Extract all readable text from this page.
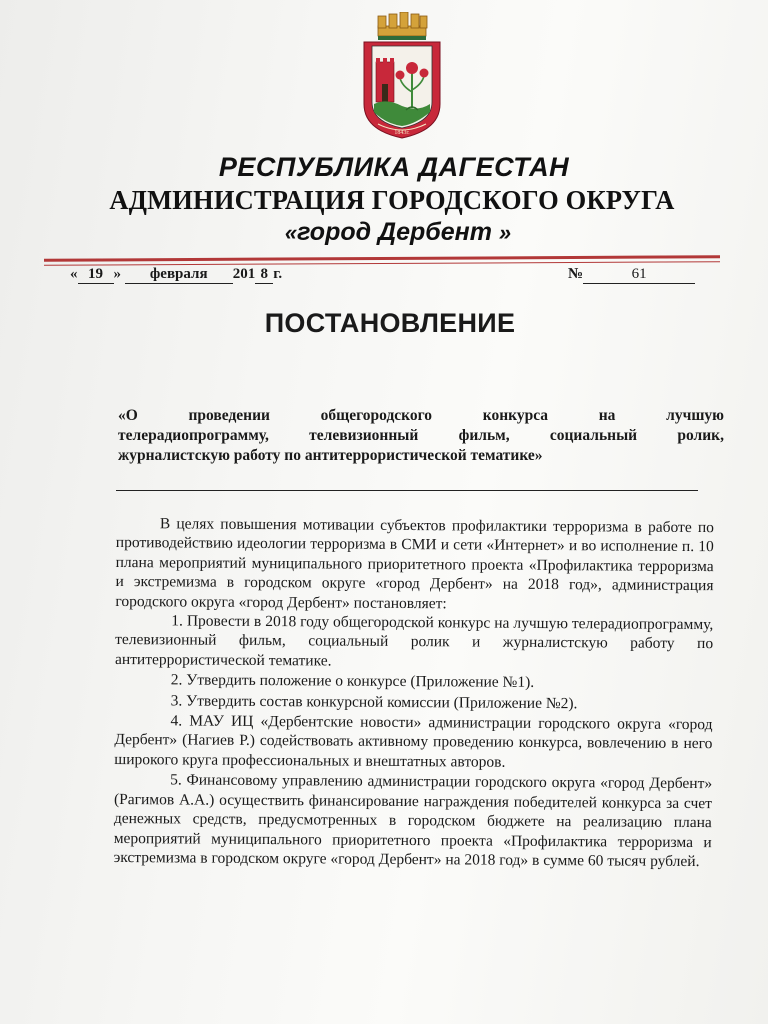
1843г.
РЕСПУБЛИКА ДАГЕСТАН
АДМИНИСТРАЦИЯ ГОРОДСКОГО ОКРУГА
«город Дербент »
« 19 » февраля 201 8 г.	№	61
ПОСТАНОВЛЕНИЕ
«О проведении общегородского конкурса на лучшую
телерадиопрограмму, телевизионный фильм, социальный ролик,
журналистскую работу по антитеррористической тематике»

В целях повышения мотивации субъектов профилактики терроризма в работе по противодействию идеологии терроризма в СМИ и сети «Интернет» и во исполнение п. 10 плана мероприятий муниципального приоритетного проекта «Профилактика терроризма и экстремизма в городском округе «город Дербент» на 2018 год», администрация городского округа «город Дербент» постановляет:

1. Провести в 2018 году общегородской конкурс на лучшую телерадиопрограмму, телевизионный фильм, социальный ролик и журналистскую работу по антитеррористической тематике.

2. Утвердить положение о конкурсе (Приложение №1).

3. Утвердить состав конкурсной комиссии (Приложение №2).

4. МАУ ИЦ «Дербентские новости» администрации городского округа «город Дербент» (Нагиев Р.) содействовать активному проведению конкурса, вовлечению в него широкого круга профессиональных и внештатных авторов.

5. Финансовому управлению администрации городского округа «город Дербент» (Рагимов А.А.) осуществить финансирование награждения победителей конкурса за счет денежных средств, предусмотренных в городском бюджете на реализацию плана мероприятий муниципального приоритетного проекта «Профилактика терроризма и экстремизма в городском округе «город Дербент» на 2018 год» в сумме 60 тысяч рублей.
